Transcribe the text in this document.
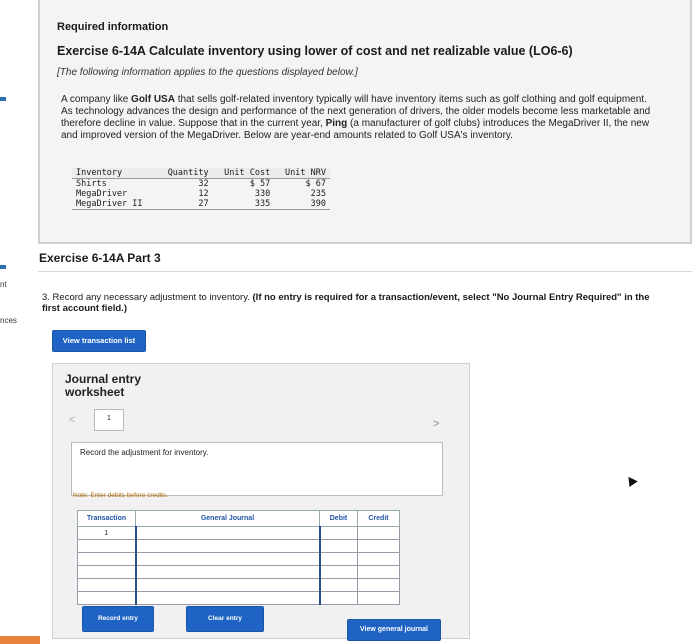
nt
nces
Required information
Exercise 6-14A Calculate inventory using lower of cost and net realizable value (LO6-6)
[The following information applies to the questions displayed below.]
A company like Golf USA that sells golf-related inventory typically will have inventory items such as golf clothing and golf equipment. As technology advances the design and performance of the next generation of drivers, the older models become less marketable and therefore decline in value. Suppose that in the current year, Ping (a manufacturer of golf clubs) introduces the MegaDriver II, the new and improved version of the MegaDriver. Below are year-end amounts related to Golf USA's inventory.
Inventory	Quantity	Unit Cost	Unit NRV
Shirts	32	$ 57	$ 67
MegaDriver	12	330	235
MegaDriver II	27	335	390
Exercise 6-14A Part 3
3. Record any necessary adjustment to inventory. (If no entry is required for a transaction/event, select "No Journal Entry Required" in the first account field.)
View transaction list
Journal entry
worksheet
<	1	>
Record the adjustment for inventory.
Note: Enter debits before credits.
Transaction	General Journal	Debit	Credit
1			

Record entry	Clear entry
View general journal
